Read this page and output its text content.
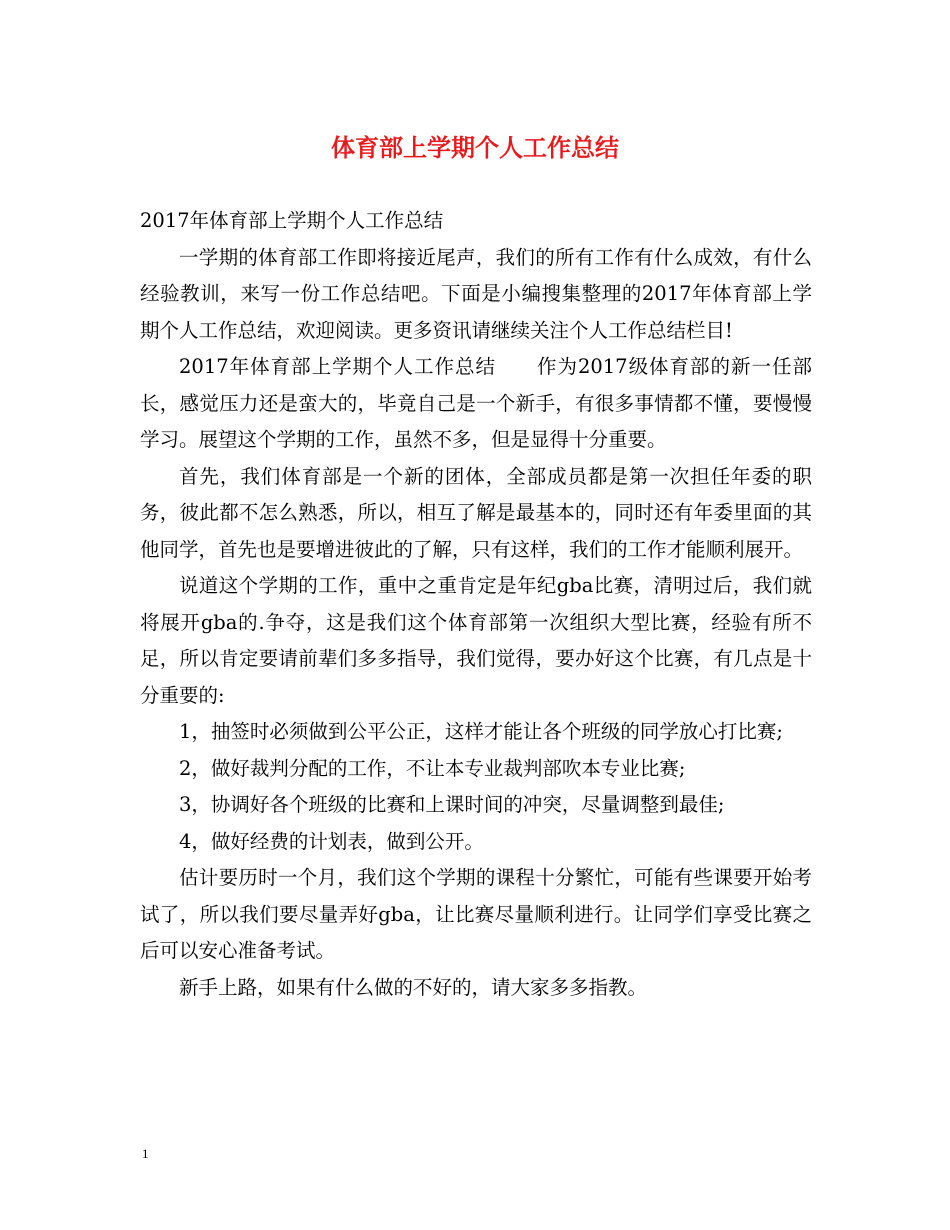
体育部上学期个人工作总结

2017年体育部上学期个人工作总结

一学期的体育部工作即将接近尾声，我们的所有工作有什么成效，有什么经验教训，来写一份工作总结吧。下面是小编搜集整理的2017年体育部上学期个人工作总结，欢迎阅读。更多资讯请继续关注个人工作总结栏目!

2017年体育部上学期个人工作总结　　作为2017级体育部的新一任部长，感觉压力还是蛮大的，毕竟自己是一个新手，有很多事情都不懂，要慢慢学习。展望这个学期的工作，虽然不多，但是显得十分重要。

首先，我们体育部是一个新的团体，全部成员都是第一次担任年委的职务，彼此都不怎么熟悉，所以，相互了解是最基本的，同时还有年委里面的其他同学，首先也是要增进彼此的了解，只有这样，我们的工作才能顺利展开。

说道这个学期的工作，重中之重肯定是年纪gba比赛，清明过后，我们就将展开gba的.争夺，这是我们这个体育部第一次组织大型比赛，经验有所不足，所以肯定要请前辈们多多指导，我们觉得，要办好这个比赛，有几点是十分重要的:

1，抽签时必须做到公平公正，这样才能让各个班级的同学放心打比赛;

2，做好裁判分配的工作，不让本专业裁判部吹本专业比赛;

3，协调好各个班级的比赛和上课时间的冲突，尽量调整到最佳;

4，做好经费的计划表，做到公开。

估计要历时一个月，我们这个学期的课程十分繁忙，可能有些课要开始考试了，所以我们要尽量弄好gba，让比赛尽量顺利进行。让同学们享受比赛之后可以安心准备考试。

新手上路，如果有什么做的不好的，请大家多多指教。

1
